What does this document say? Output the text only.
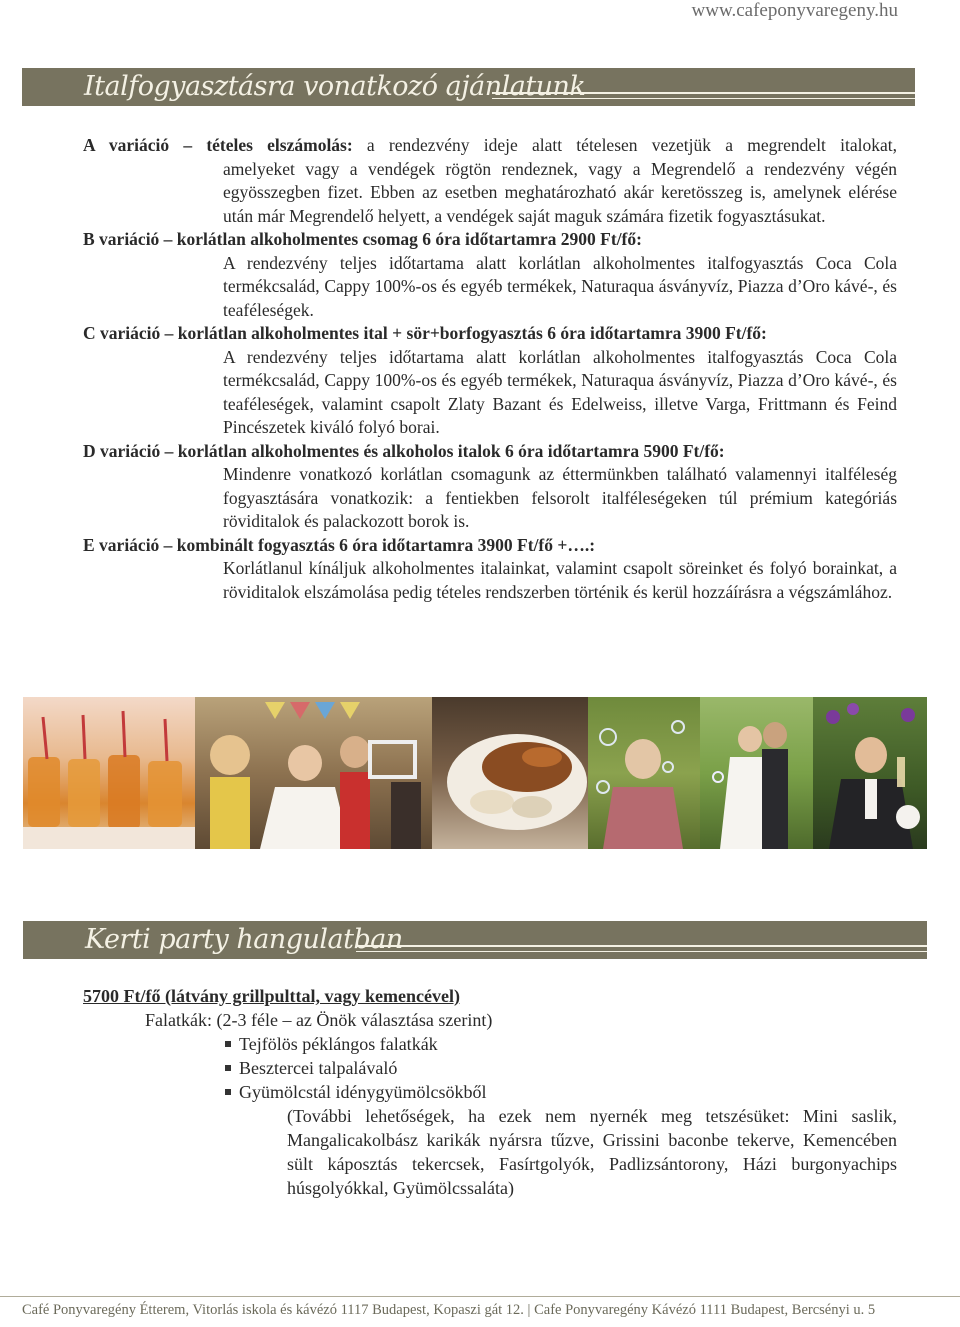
www.cafeponyvaregeny.hu
Italfogyasztásra vonatkozó ajánlatunk
A variáció – tételes elszámolás: a rendezvény ideje alatt tételesen vezetjük a megrendelt italokat,
amelyeket vagy a vendégek rögtön rendeznek, vagy a Megrendelő a rendezvény végén egyösszegben fizet. Ebben az esetben meghatározható akár keretösszeg is, amelynek elérése után már Megrendelő helyett, a vendégek saját maguk számára fizetik fogyasztásukat.
B variáció – korlátlan alkoholmentes csomag 6 óra időtartamra 2900 Ft/fő:
A rendezvény teljes időtartama alatt korlátlan alkoholmentes italfogyasztás Coca Cola termékcsalád, Cappy 100%-os és egyéb termékek, Naturaqua ásványvíz, Piazza d’Oro kávé-, és teaféleségek.
C variáció – korlátlan alkoholmentes ital + sör+borfogyasztás 6 óra időtartamra 3900 Ft/fő:
A rendezvény teljes időtartama alatt korlátlan alkoholmentes italfogyasztás Coca Cola termékcsalád, Cappy 100%-os és egyéb termékek, Naturaqua ásványvíz, Piazza d’Oro kávé-, és teaféleségek, valamint csapolt Zlaty Bazant és Edelweiss, illetve Varga, Frittmann és Feind Pincészetek kiváló folyó borai.
D variáció – korlátlan alkoholmentes és alkoholos italok 6 óra időtartamra 5900 Ft/fő:
Mindenre vonatkozó korlátlan csomagunk az éttermünkben található valamennyi italféleség fogyasztására vonatkozik: a fentiekben felsorolt italféleségeken túl prémium kategóriás röviditalok és palackozott borok is.
E variáció – kombinált fogyasztás 6 óra időtartamra 3900 Ft/fő +….:
Korlátlanul kínáljuk alkoholmentes italainkat, valamint csapolt söreinket és folyó borainkat, a röviditalok elszámolása pedig tételes rendszerben történik és kerül hozzáírásra a végszámlához.
Kerti party hangulatban
5700 Ft/fő (látvány grillpulttal, vagy kemencével)
Falatkák: (2-3 féle – az Önök választása szerint)
Tejfölös péklángos falatkák
Besztercei talpalávaló
Gyümölcstál idénygyümölcsökből
(További lehetőségek, ha ezek nem nyernék meg tetszésüket: Mini saslik, Mangalicakolbász karikák nyársra tűzve, Grissini baconbe tekerve, Kemencében sült káposztás tekercsek, Fasírtgolyók, Padlizsántorony, Házi burgonyachips húsgolyókkal, Gyümölcssaláta)
Café Ponyvaregény Étterem, Vitorlás iskola és kávézó 1117 Budapest, Kopaszi gát 12. | Cafe Ponyvaregény Kávézó 1111 Budapest, Bercsényi u. 5
